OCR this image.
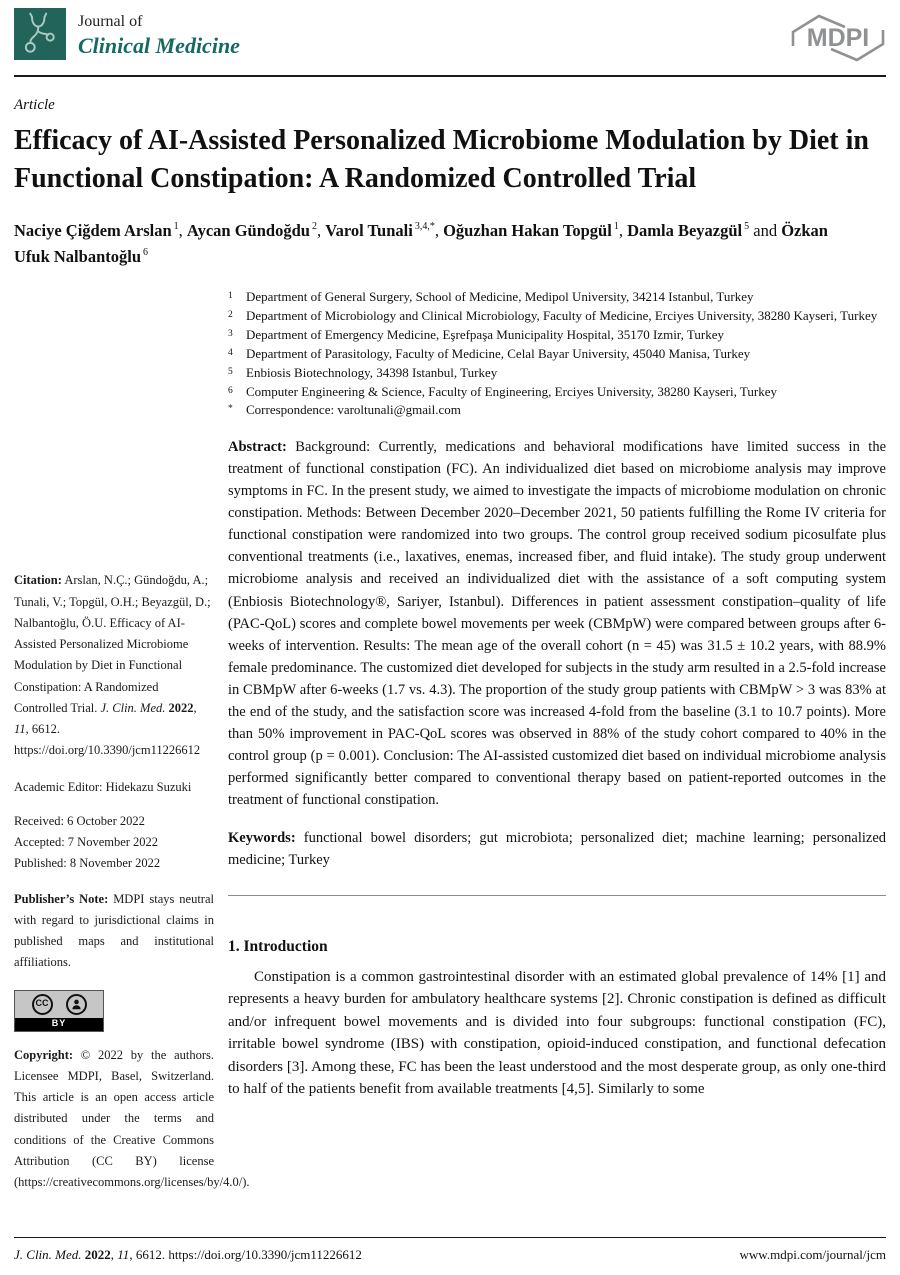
Journal of
Clinical Medicine	MDPI
Article
Efficacy of AI-Assisted Personalized Microbiome Modulation by Diet in Functional Constipation: A Randomized Controlled Trial

Naciye Çiğdem Arslan $^1$, Aycan Gündoğdu $^2$, Varol Tunali $^{3,4,*}$, Oğuzhan Hakan Topgül $^1$, Damla Beyazgül $^5$ and Özkan Ufuk Nalbantoğlu $^6$

Citation: Arslan, N.Ç.; Gündoğdu, A.; Tunali, V.; Topgül, O.H.; Beyazgül, D.; Nalbantoğlu, Ö.U. Efficacy of AI-Assisted Personalized Microbiome Modulation by Diet in Functional Constipation: A Randomized Controlled Trial. J. Clin. Med. 2022, 11, 6612. https://doi.org/10.3390/jcm11226612
Academic Editor: Hidekazu Suzuki
Received: 6 October 2022
Accepted: 7 November 2022
Published: 8 November 2022
Publisher’s Note: MDPI stays neutral with regard to jurisdictional claims in published maps and institutional affiliations.
CC
BY
Copyright: © 2022 by the authors. Licensee MDPI, Basel, Switzerland. This article is an open access article distributed under the terms and conditions of the Creative Commons Attribution (CC BY) license (https://creativecommons.org/licenses/by/4.0/).
1	Department of General Surgery, School of Medicine, Medipol University, 34214 Istanbul, Turkey
2	Department of Microbiology and Clinical Microbiology, Faculty of Medicine, Erciyes University, 38280 Kayseri, Turkey
3	Department of Emergency Medicine, Eşrefpaşa Municipality Hospital, 35170 Izmir, Turkey
4	Department of Parasitology, Faculty of Medicine, Celal Bayar University, 45040 Manisa, Turkey
5	Enbiosis Biotechnology, 34398 Istanbul, Turkey
6	Computer Engineering & Science, Faculty of Engineering, Erciyes University, 38280 Kayseri, Turkey
*	Correspondence: varoltunali@gmail.com

Abstract: Background: Currently, medications and behavioral modifications have limited success in the treatment of functional constipation (FC). An individualized diet based on microbiome analysis may improve symptoms in FC. In the present study, we aimed to investigate the impacts of microbiome modulation on chronic constipation. Methods: Between December 2020–December 2021, 50 patients fulfilling the Rome IV criteria for functional constipation were randomized into two groups. The control group received sodium picosulfate plus conventional treatments (i.e., laxatives, enemas, increased fiber, and fluid intake). The study group underwent microbiome analysis and received an individualized diet with the assistance of a soft computing system (Enbiosis Biotechnology®, Sariyer, Istanbul). Differences in patient assessment constipation–quality of life (PAC-QoL) scores and complete bowel movements per week (CBMpW) were compared between groups after 6-weeks of intervention. Results: The mean age of the overall cohort (n = 45) was 31.5 ± 10.2 years, with 88.9% female predominance. The customized diet developed for subjects in the study arm resulted in a 2.5-fold increase in CBMpW after 6-weeks (1.7 vs. 4.3). The proportion of the study group patients with CBMpW > 3 was 83% at the end of the study, and the satisfaction score was increased 4-fold from the baseline (3.1 to 10.7 points). More than 50% improvement in PAC-QoL scores was observed in 88% of the study cohort compared to 40% in the control group (p = 0.001). Conclusion: The AI-assisted customized diet based on individual microbiome analysis performed significantly better compared to conventional therapy based on patient-reported outcomes in the treatment of functional constipation.

Keywords: functional bowel disorders; gut microbiota; personalized diet; machine learning; personalized medicine; Turkey

1. Introduction

Constipation is a common gastrointestinal disorder with an estimated global prevalence of 14% [1] and represents a heavy burden for ambulatory healthcare systems [2]. Chronic constipation is defined as difficult and/or infrequent bowel movements and is divided into four subgroups: functional constipation (FC), irritable bowel syndrome (IBS) with constipation, opioid-induced constipation, and functional defecation disorders [3]. Among these, FC has been the least understood and the most desperate group, as only one-third to half of the patients benefit from available treatments [4,5]. Similarly to some

J. Clin. Med. 2022, 11, 6612. https://doi.org/10.3390/jcm11226612	www.mdpi.com/journal/jcm
